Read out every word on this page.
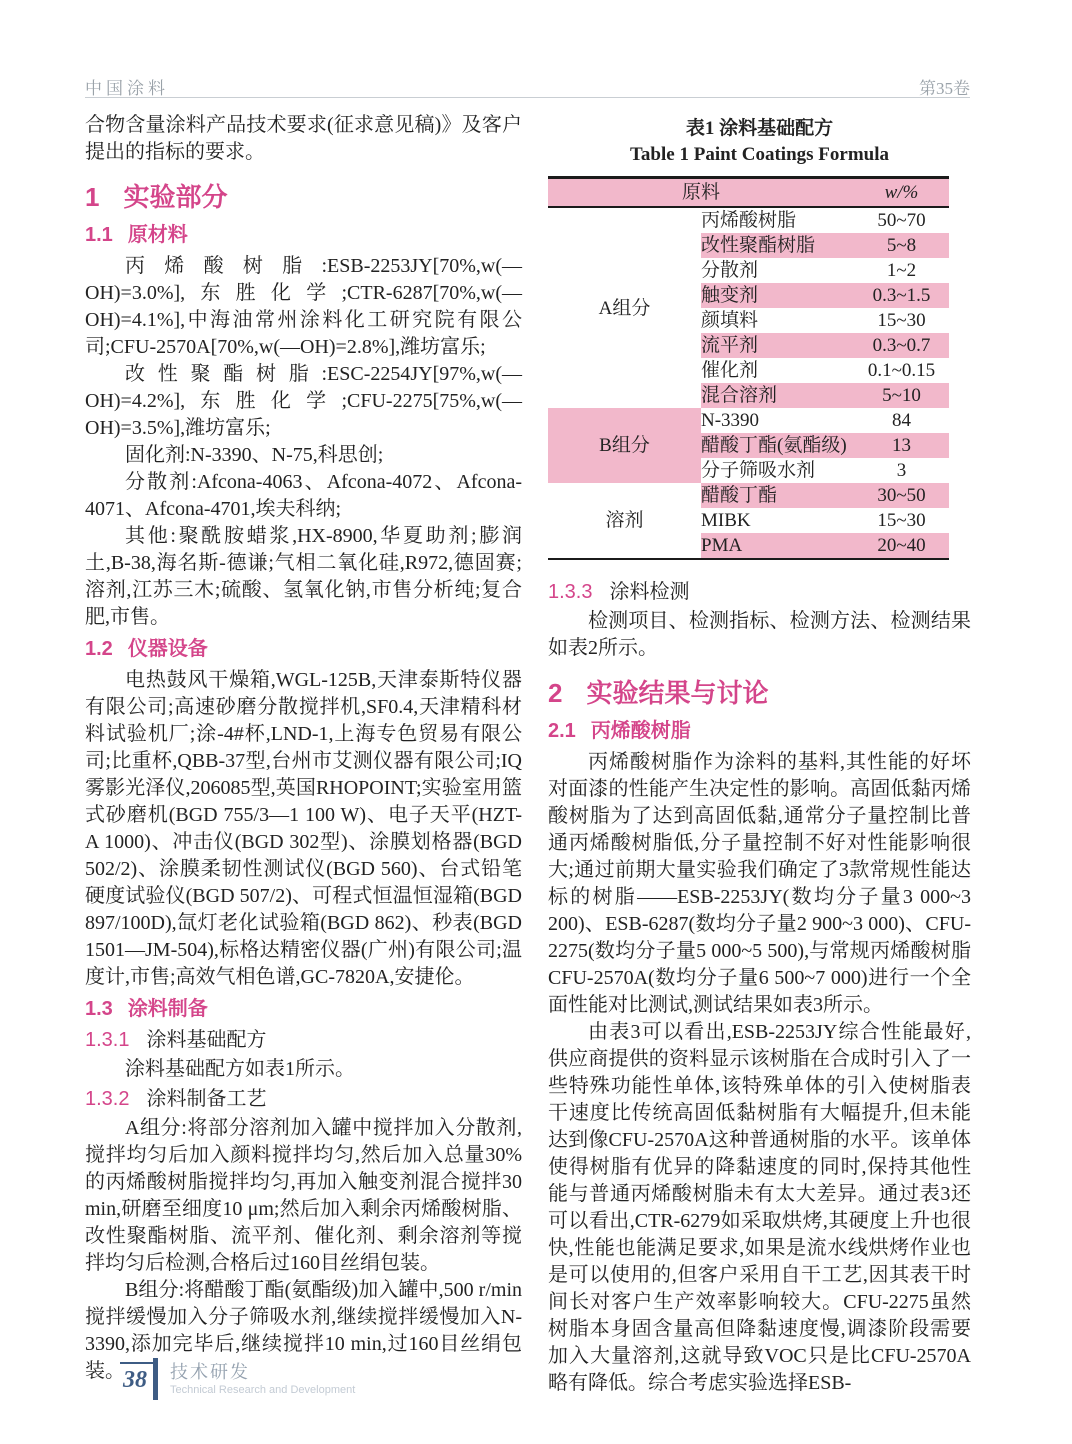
中国涂料	第35卷

合物含量涂料产品技术要求(征求意见稿)》及客户提出的指标的要求。

1 实验部分
1.1 原材料

丙烯酸树脂:ESB-2253JY[70%,w(—OH)=3.0%],东胜化学;CTR-6287[70%,w(—OH)=4.1%],中海油常州涂料化工研究院有限公司;CFU-2570A[70%,w(—OH)=2.8%],潍坊富乐;

改性聚酯树脂:ESC-2254JY[97%,w(—OH)=4.2%],东胜化学;CFU-2275[75%,w(—OH)=3.5%],潍坊富乐;

固化剂:N-3390、N-75,科思创;

分散剂:Afcona-4063、Afcona-4072、Afcona- 4071、Afcona-4701,埃夫科纳;

其他:聚酰胺蜡浆,HX-8900,华夏助剂;膨润土,B-38,海名斯-德谦;气相二氧化硅,R972,德固赛;溶剂,江苏三木;硫酸、氢氧化钠,市售分析纯;复合肥,市售。

1.2 仪器设备

电热鼓风干燥箱,WGL-125B,天津泰斯特仪器有限公司;高速砂磨分散搅拌机,SF0.4,天津精科材料试验机厂;涂-4#杯,LND-1,上海专色贸易有限公司;比重杯,QBB-37型,台州市艾测仪器有限公司;IQ雾影光泽仪,206085型,英国RHOPOINT;实验室用篮式砂磨机(BGD 755/3—1 100 W)、电子天平(HZT-A 1000)、冲击仪(BGD 302型)、涂膜划格器(BGD 502/2)、涂膜柔韧性测试仪(BGD 560)、台式铅笔硬度试验仪(BGD 507/2)、可程式恒温恒湿箱(BGD 897/100D),氙灯老化试验箱(BGD 862)、秒表(BGD 1501—JM-504),标格达精密仪器(广州)有限公司;温度计,市售;高效气相色谱,GC-7820A,安捷伦。

1.3 涂料制备
1.3.1 涂料基础配方

涂料基础配方如表1所示。

1.3.2 涂料制备工艺

A组分:将部分溶剂加入罐中搅拌加入分散剂,搅拌均匀后加入颜料搅拌均匀,然后加入总量30%的丙烯酸树脂搅拌均匀,再加入触变剂混合搅拌30 min,研磨至细度10 μm;然后加入剩余丙烯酸树脂、改性聚酯树脂、流平剂、催化剂、剩余溶剂等搅拌均匀后检测,合格后过160目丝绢包装。

B组分:将醋酸丁酯(氨酯级)加入罐中,500 r/min搅拌缓慢加入分子筛吸水剂,继续搅拌缓慢加入N-3390,添加完毕后,继续搅拌10 min,过160目丝绢包装。

表1 涂料基础配方

Table 1 Paint Coatings Formula

原料		w/%
A组分	丙烯酸树脂	50~70
	改性聚酯树脂	5~8
	分散剂	1~2
	触变剂	0.3~1.5
	颜填料	15~30
	流平剂	0.3~0.7
	催化剂	0.1~0.15
	混合溶剂	5~10
B组分	N-3390	84
	醋酸丁酯(氨酯级)	13
	分子筛吸水剂	3
溶剂	醋酸丁酯	30~50
	MIBK	15~30
	PMA	20~40
1.3.3 涂料检测

检测项目、检测指标、检测方法、检测结果如表2所示。

2 实验结果与讨论
2.1 丙烯酸树脂

丙烯酸树脂作为涂料的基料,其性能的好坏对面漆的性能产生决定性的影响。高固低黏丙烯酸树脂为了达到高固低黏,通常分子量控制比普通丙烯酸树脂低,分子量控制不好对性能影响很大;通过前期大量实验我们确定了3款常规性能达标的树脂——ESB-2253JY(数均分子量3 000~3 200)、ESB-6287(数均分子量2 900~3 000)、CFU-2275(数均分子量5 000~5 500),与常规丙烯酸树脂CFU-2570A(数均分子量6 500~7 000)进行一个全面性能对比测试,测试结果如表3所示。

由表3可以看出,ESB-2253JY综合性能最好,供应商提供的资料显示该树脂在合成时引入了一些特殊功能性单体,该特殊单体的引入使树脂表干速度比传统高固低黏树脂有大幅提升,但未能达到像CFU-2570A这种普通树脂的水平。该单体使得树脂有优异的降黏速度的同时,保持其他性能与普通丙烯酸树脂未有太大差异。通过表3还可以看出,CTR-6279如采取烘烤,其硬度上升也很快,性能也能满足要求,如果是流水线烘烤作业也是可以使用的,但客户采用自干工艺,因其表干时间长对客户生产效率影响较大。CFU-2275虽然树脂本身固含量高但降黏速度慢,调漆阶段需要加入大量溶剂,这就导致VOC只是比CFU-2570A略有降低。综合考虑实验选择ESB-

38	技术研发
Technical Research and Development
